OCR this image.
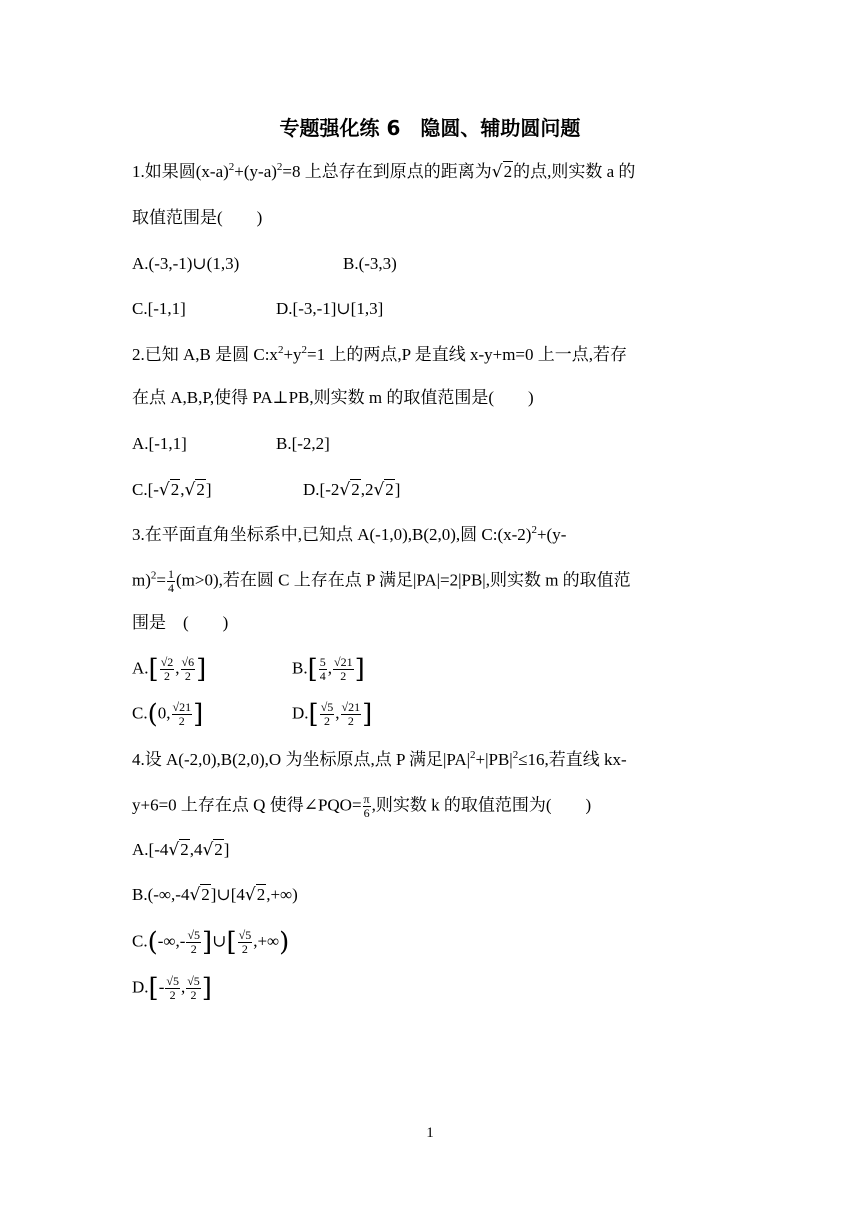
专题强化练 6　隐圆、辅助圆问题
1.如果圆$(x-a)^2+(y-a)^2=8$ 上总存在到原点的距离为√2的点,则实数 a 的
取值范围是(　　)
A.(-3,-1)∪(1,3)	B.(-3,3)
C.[-1,1]	D.[-3,-1]∪[1,3]
2.已知 A,B 是圆 $C:x^2+y^2=1$ 上的两点,P 是直线 x-y+m=0 上一点,若存
在点 A,B,P,使得 PA⊥PB,则实数 m 的取值范围是(　　)
A.[-1,1]	B.[-2,2]
C.[-√2,√2]	D.[-2√2,2√2]
3.在平面直角坐标系中,已知点 A(-1,0),B(2,0),圆 $C:(x-2)^2+(y-$
$m)^2= \frac{1}{4} (m>0)$,若在圆 C 上存在点 P 满足|PA|=2|PB|,则实数 m 的取值范
围是　(　　)
$A.[ \frac{√2}{2}$ , $\frac{√6}{2}$ ]	$B.[ \frac{5}{4}$ , $\frac{√21}{2}$ ]
C.(0, $\frac{√21}{2}$ ]	$D.[ \frac{√5}{2}$ , $\frac{√21}{2}$ ]
4.设 A(-2,0),B(2,0),O 为坐标原点,点 P 满足$|PA|^2+|PB|^2\le 16$,若直线 kx-
y+6=0 上存在点 Q 使得∠PQO= $\frac{\pi}{6}$ ,则实数 k 的取值范围为(　　)
A.[-4√2,4√2]
B.(-∞,-4√2]∪[4√2,+∞)
$C.(-\infty,- \frac{√5}{2}$ ]∪[ $\frac{√5}{2}$ ,+∞)
$D.[- \frac{√5}{2}$ , $\frac{√5}{2}$ ]
1
